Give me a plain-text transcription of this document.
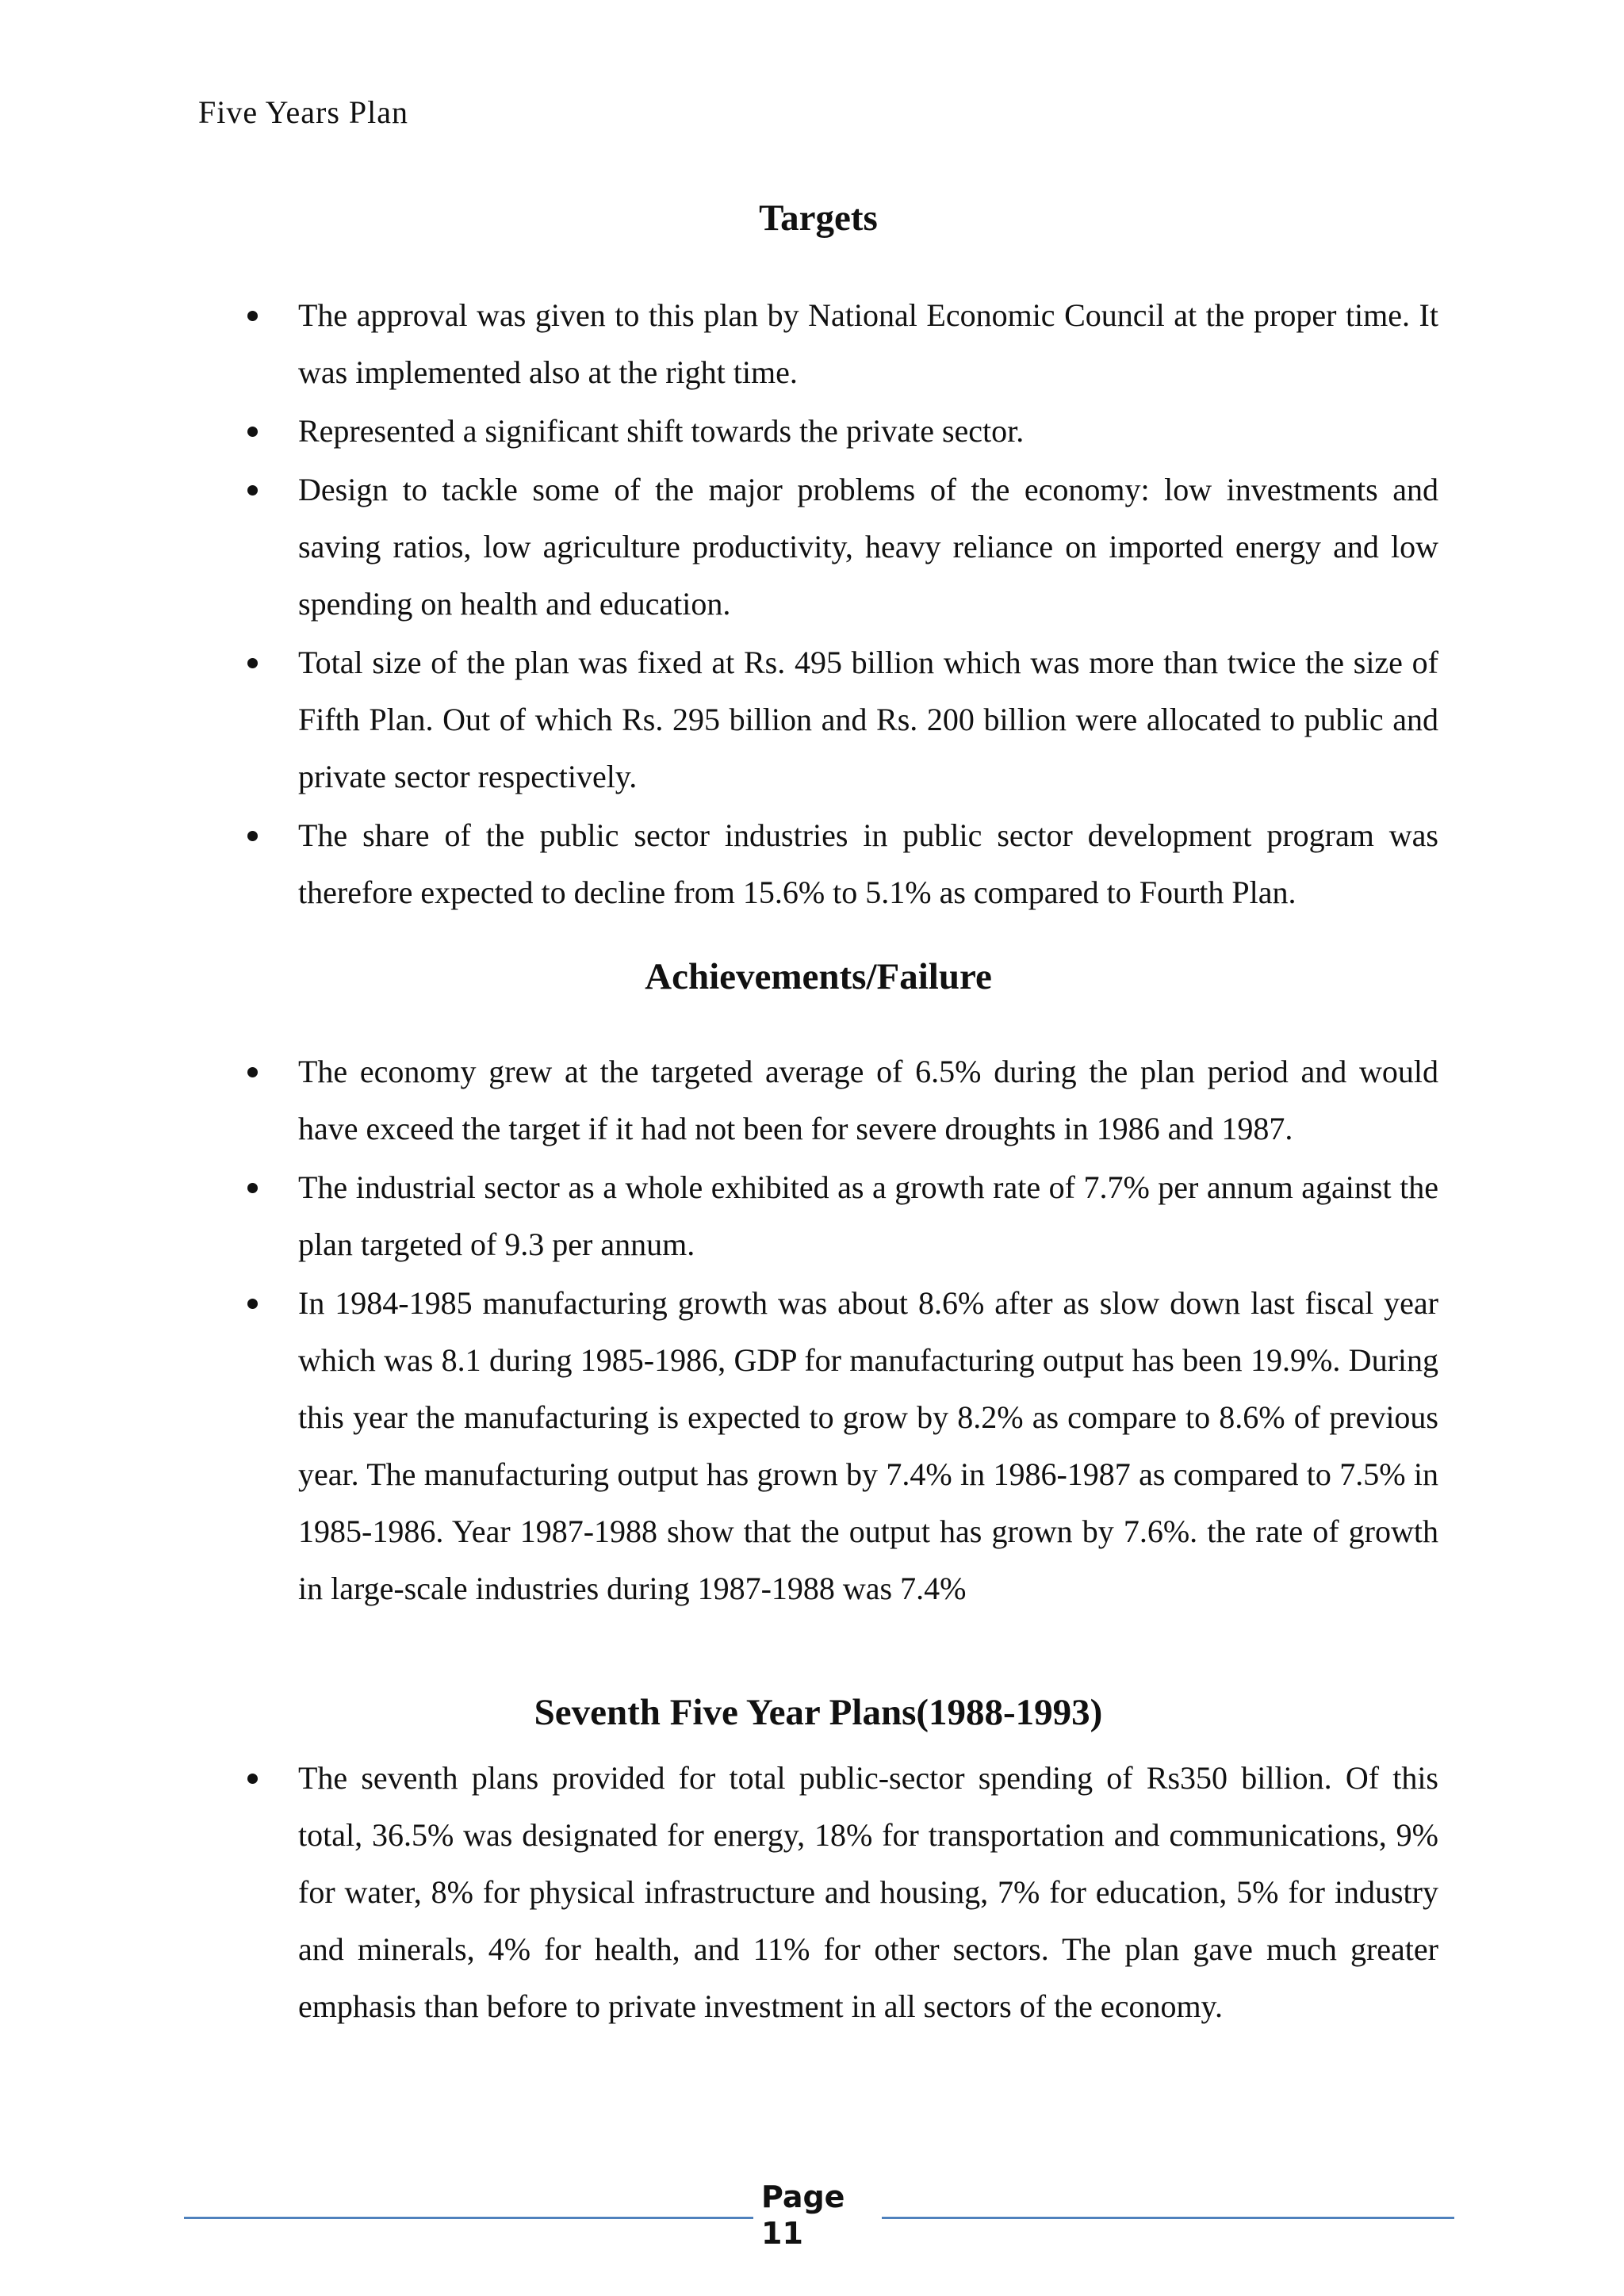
Five Years Plan
Targets
The approval was given to this plan by National Economic Council at the proper time. It was implemented also at the right time.
Represented a significant shift towards the private sector.
Design to tackle some of the major problems of the economy: low investments and saving ratios, low agriculture productivity, heavy reliance on imported energy and low spending on health and education.
Total size of the plan was fixed at Rs. 495 billion which was more than twice the size of Fifth Plan. Out of which Rs. 295 billion and Rs. 200 billion were allocated to public and private sector respectively.
The share of the public sector industries in public sector development program was therefore expected to decline from 15.6% to 5.1% as compared to Fourth Plan.
Achievements/Failure
The economy grew at the targeted average of 6.5% during the plan period and would have exceed the target if it had not been for severe droughts in 1986 and 1987.
The industrial sector as a whole exhibited as a growth rate of 7.7% per annum against the plan targeted of 9.3 per annum.
In 1984-1985 manufacturing growth was about 8.6% after as slow down last fiscal year which was 8.1 during 1985-1986, GDP for manufacturing output has been 19.9%. During this year the manufacturing is expected to grow by 8.2% as compare to 8.6% of previous year. The manufacturing output has grown by 7.4% in 1986-1987 as compared to 7.5% in 1985-1986. Year 1987-1988 show that the output has grown by 7.6%. the rate of growth in large-scale industries during 1987-1988 was 7.4%
Seventh Five Year Plans(1988-1993)
The seventh plans provided for total public-sector spending of Rs350 billion. Of this total, 36.5% was designated for energy, 18% for transportation and communications, 9% for water, 8% for physical infrastructure and housing, 7% for education, 5% for industry and minerals, 4% for health, and 11% for other sectors. The plan gave much greater emphasis than before to private investment in all sectors of the economy.
Page
11
